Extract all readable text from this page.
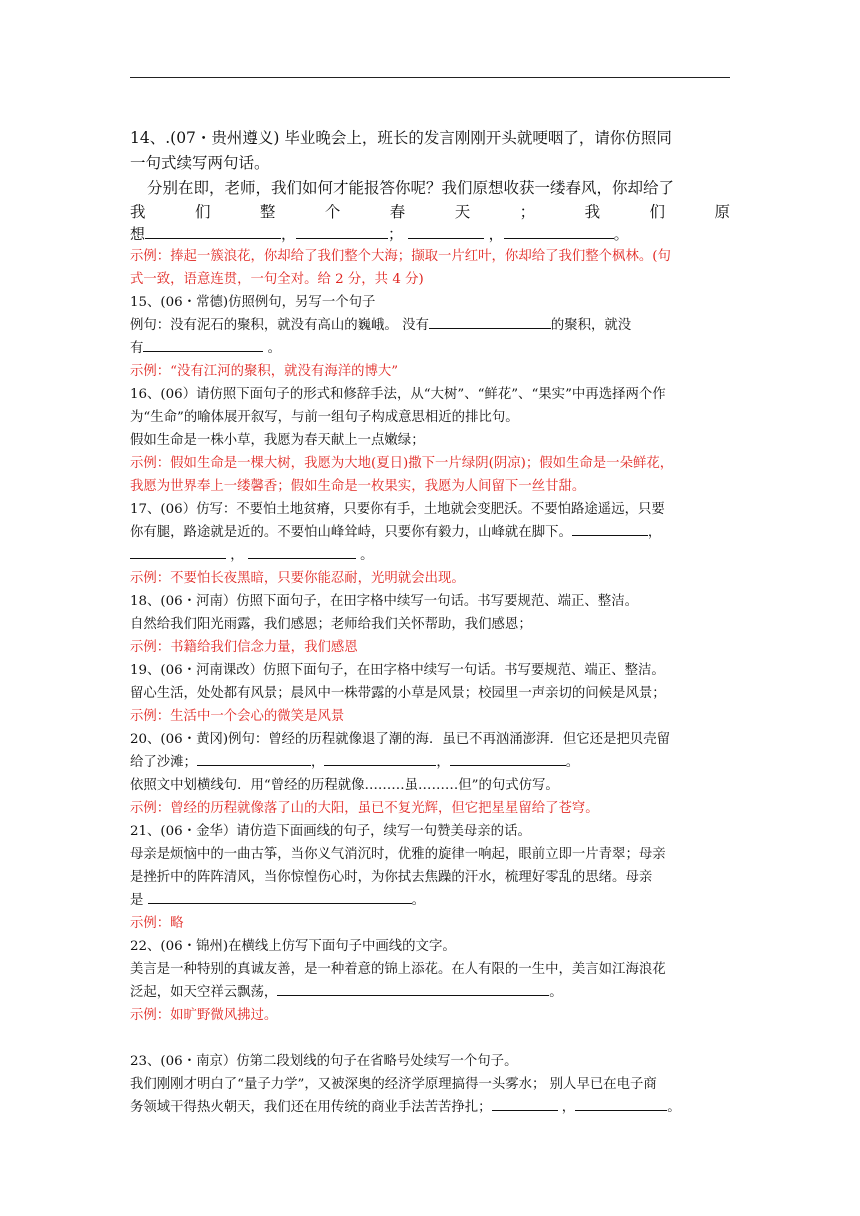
14、.(07・贵州遵义) 毕业晚会上，班长的发言刚刚开头就哽咽了，请你仿照同

一句式续写两句话。

分别在即，老师，我们如何才能报答你呢？我们原想收获一缕春风，你却给了

我	们	整	个	春	天	；	我	们	原

想	，	；	，	。

示例：捧起一簇浪花，你却给了我们整个大海；撷取一片红叶，你却给了我们整个枫林。(句

式一致，语意连贯，一句全对。给 2 分，共 4 分)

15、(06・常德)仿照例句，另写一个句子

例句：没有泥石的聚积，就没有高山的巍峨。 没有	的聚积，就没

有	。

示例：“没有江河的聚积，就没有海洋的博大”

16、(06）请仿照下面句子的形式和修辞手法，从“大树”、“鲜花”、“果实”中再选择两个作

为“生命”的喻体展开叙写，与前一组句子构成意思相近的排比句。

假如生命是一株小草，我愿为春天献上一点嫩绿；

示例：假如生命是一棵大树，我愿为大地(夏日)撒下一片绿阴(阴凉)；假如生命是一朵鲜花，

我愿为世界奉上一缕馨香；假如生命是一枚果实，我愿为人间留下一丝甘甜。

17、(06）仿写：不要怕土地贫瘠，只要你有手，土地就会变肥沃。不要怕路途遥远，只要

你有腿，路途就是近的。不要怕山峰耸峙，只要你有毅力，山峰就在脚下。	，

，	。

示例：不要怕长夜黑暗，只要你能忍耐，光明就会出现。

18、(06・河南）仿照下面句子，在田字格中续写一句话。书写要规范、端正、整洁。

自然给我们阳光雨露，我们感恩；老师给我们关怀帮助，我们感恩；

示例：书籍给我们信念力量，我们感恩

19、(06・河南课改）仿照下面句子，在田字格中续写一句话。书写要规范、端正、整洁。

留心生活，处处都有风景；晨风中一株带露的小草是风景；校园里一声亲切的问候是风景；

示例：生活中一个会心的微笑是风景

20、(06・黄冈)例句：曾经的历程就像退了潮的海．虽已不再汹涌澎湃．但它还是把贝壳留

给了沙滩；	，	，	。

依照文中划横线句．用“曾经的历程就像………虽………但”的句式仿写。

示例：曾经的历程就像落了山的大阳，虽已不复光辉，但它把星星留给了苍穹。

21、(06・金华）请仿造下面画线的句子，续写一句赞美母亲的话。

母亲是烦恼中的一曲古筝，当你义气消沉时，优雅的旋律一响起，眼前立即一片青翠；母亲

是挫折中的阵阵清风，当你惊惶伤心时，为你拭去焦躁的汗水，梳理好零乱的思绪。母亲

是	。

示例：略

22、(06・锦州)在横线上仿写下面句子中画线的文字。

美言是一种特别的真诚友善，是一种着意的锦上添花。在人有限的一生中，美言如江海浪花

泛起，如天空祥云飘荡，	。

示例：如旷野微风拂过。

23、(06・南京）仿第二段划线的句子在省略号处续写一个句子。

我们刚刚才明白了“量子力学”，又被深奥的经济学原理搞得一头雾水； 别人早已在电子商

务领域干得热火朝天，我们还在用传统的商业手法苦苦挣扎；	，	。
